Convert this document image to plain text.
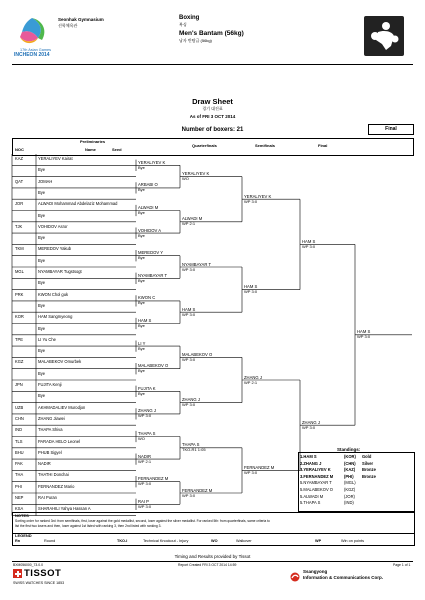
17th Asian Games
INCHEON 2014
Seonhak Gymnasium
선학체육관
Boxing
복싱
Men's Bantam (56kg)
남자 반탐급 (56kg)
Draw Sheet
경기 대진표
As of FRI 3 OCT 2014
Number of boxers: 21	Final
Preliminaries
NOC	Name	Seed
Quarterfinals	Semifinals	Final
KAZ	YERALIYEV Kairat
Bye
QAT	JOMAH
Bye
JOR	ALWADI Mohammad Abdelaziz Mohammad
Bye
TJK	VOHIDOV Asror
Bye
TKM	MEREDOV Yakub
Bye
MGL	NYAMBAYAR Tugstsogt
Bye
PRK	KWON Chol guk
Bye
KOR	HAM Sangmyeong
Bye
TPE	LI Yu Che
Bye
KGZ	MALABEKOV Omurbek
Bye
JPN	FUJITA Kenji
Bye
UZB	AKHMADALIEV Murodjon
CHN	ZHANG Jiawei
IND	THAPA Shiva
TLS	PARADA HELO Leonel
BHU	PHUB Sigyel
PAK	NADIR
THA	THATHI Donchai
PHI	FERNANDEZ Mario
NEP	RAI Puran
KSA	SHARAHILI Yahya Hassan A
YERALIYEV K
Bye
ARBABI O
Bye
ALWADI M
Bye
VOHIDOV A
Bye
MEREDOV Y
Bye
NYAMBAYAR T
Bye
KWON C
Bye
HAM S
Bye
LI Y
Bye
MALABEKOV O
Bye
FUJITA K
Bye
ZHANG J
WP 3:0
THAPA S
WO
NADIR
WP 2:1
FERNANDEZ M
WP 3:0
RAI P
WP 3:0
YERALIYEV K
WO
ALWADI M
WP 2:1
NYAMBAYAR T
WP 3:0
HAM S
WP 3:0
MALABEKOV O
WP 3:0
ZHANG J
WP 3:0
THAPA S
TKO-R1 1:05
FERNANDEZ M
WP 3:0
YERALIYEV K
WP 3:0
HAM S
WP 3:0
ZHANG J
WP 2:1
FERNANDEZ M
WP 3:0
HAM S
WP 3:0
ZHANG J
WP 3:0
HAM S
WP 3:0
Standings:
1.HAM S	(KOR) Gold
2.ZHANG J	(CHN) Silver
3.YERALIYEV K	(KAZ) Bronze
3.FERNANDEZ M	(PHI) Bronze
5.NYAMBAYAR T	(MGL)
5.MALABEKOV O	(KGZ)
5.ALWADI M	(JOR)
5.THAPA S	(IND)
NOTES
Sorting order for ranked 3rd: from semifinals, first, loser against the gold medallist, second, loser against the silver medallist. For ranked 5th: from quarterfinals, same criteria to
list the first two losers and then, loser against 1st listed with ranking 3, then 2nd listed with ranking 3.
LEGEND
Rn	Round	TKO-I	Technical Knockout - Injury	WO	Walkover	WP	Win on points
Timing and Results provided by Tissot
BXM056000_73.0.0	Report Created FRI 3 OCT 2014 14:59	Page 1 of 1
TISSOT
SWISS WATCHES SINCE 1853
Ssangyong
Information & Communications Corp.
